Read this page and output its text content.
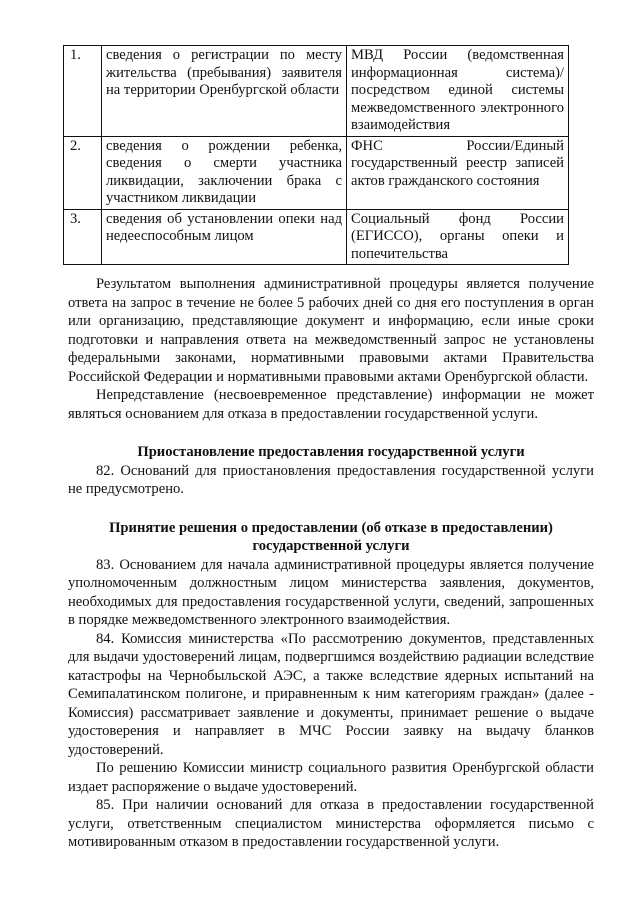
1.	сведения о регистрации по месту жительства (пребывания) заявителя на территории Оренбургской области	МВД России (ведомственная информационная система)/ посредством единой системы межведомственного электронного взаимодействия
2.	сведения о рождении ребенка, сведения о смерти участника ликвидации, заключении брака с участником ликвидации	ФНС России/Единый государственный реестр записей актов гражданского состояния
3.	сведения об установлении опеки над недееспособным лицом	Социальный фонд России (ЕГИССО), органы опеки и попечительства

Результатом выполнения административной процедуры является получение ответа на запрос в течение не более 5 рабочих дней со дня его поступления в орган или организацию, представляющие документ и информацию, если иные сроки подготовки и направления ответа на межведомственный запрос не установлены федеральными законами, нормативными правовыми актами Правительства Российской Федерации и нормативными правовыми актами Оренбургской области.

Непредставление (несвоевременное представление) информации не может являться основанием для отказа в предоставлении государственной услуги.

Приостановление предоставления государственной услуги

82. Оснований для приостановления предоставления государственной услуги не предусмотрено.

Принятие решения о предоставлении (об отказе в предоставлении)

государственной услуги

83. Основанием для начала административной процедуры является получение уполномоченным должностным лицом министерства заявления, документов, необходимых для предоставления государственной услуги, сведений, запрошенных в порядке межведомственного электронного взаимодействия.

84. Комиссия министерства «По рассмотрению документов, представленных для выдачи удостоверений лицам, подвергшимся воздействию радиации вследствие катастрофы на Чернобыльской АЭС, а также вследствие ядерных испытаний на Семипалатинском полигоне, и приравненным к ним категориям граждан» (далее - Комиссия) рассматривает заявление и документы, принимает решение о выдаче удостоверения и направляет в МЧС России заявку на выдачу бланков удостоверений.

По решению Комиссии министр социального развития Оренбургской области издает распоряжение о выдаче удостоверений.

85. При наличии оснований для отказа в предоставлении государственной услуги, ответственным специалистом министерства оформляется письмо с мотивированным отказом в предоставлении государственной услуги.
